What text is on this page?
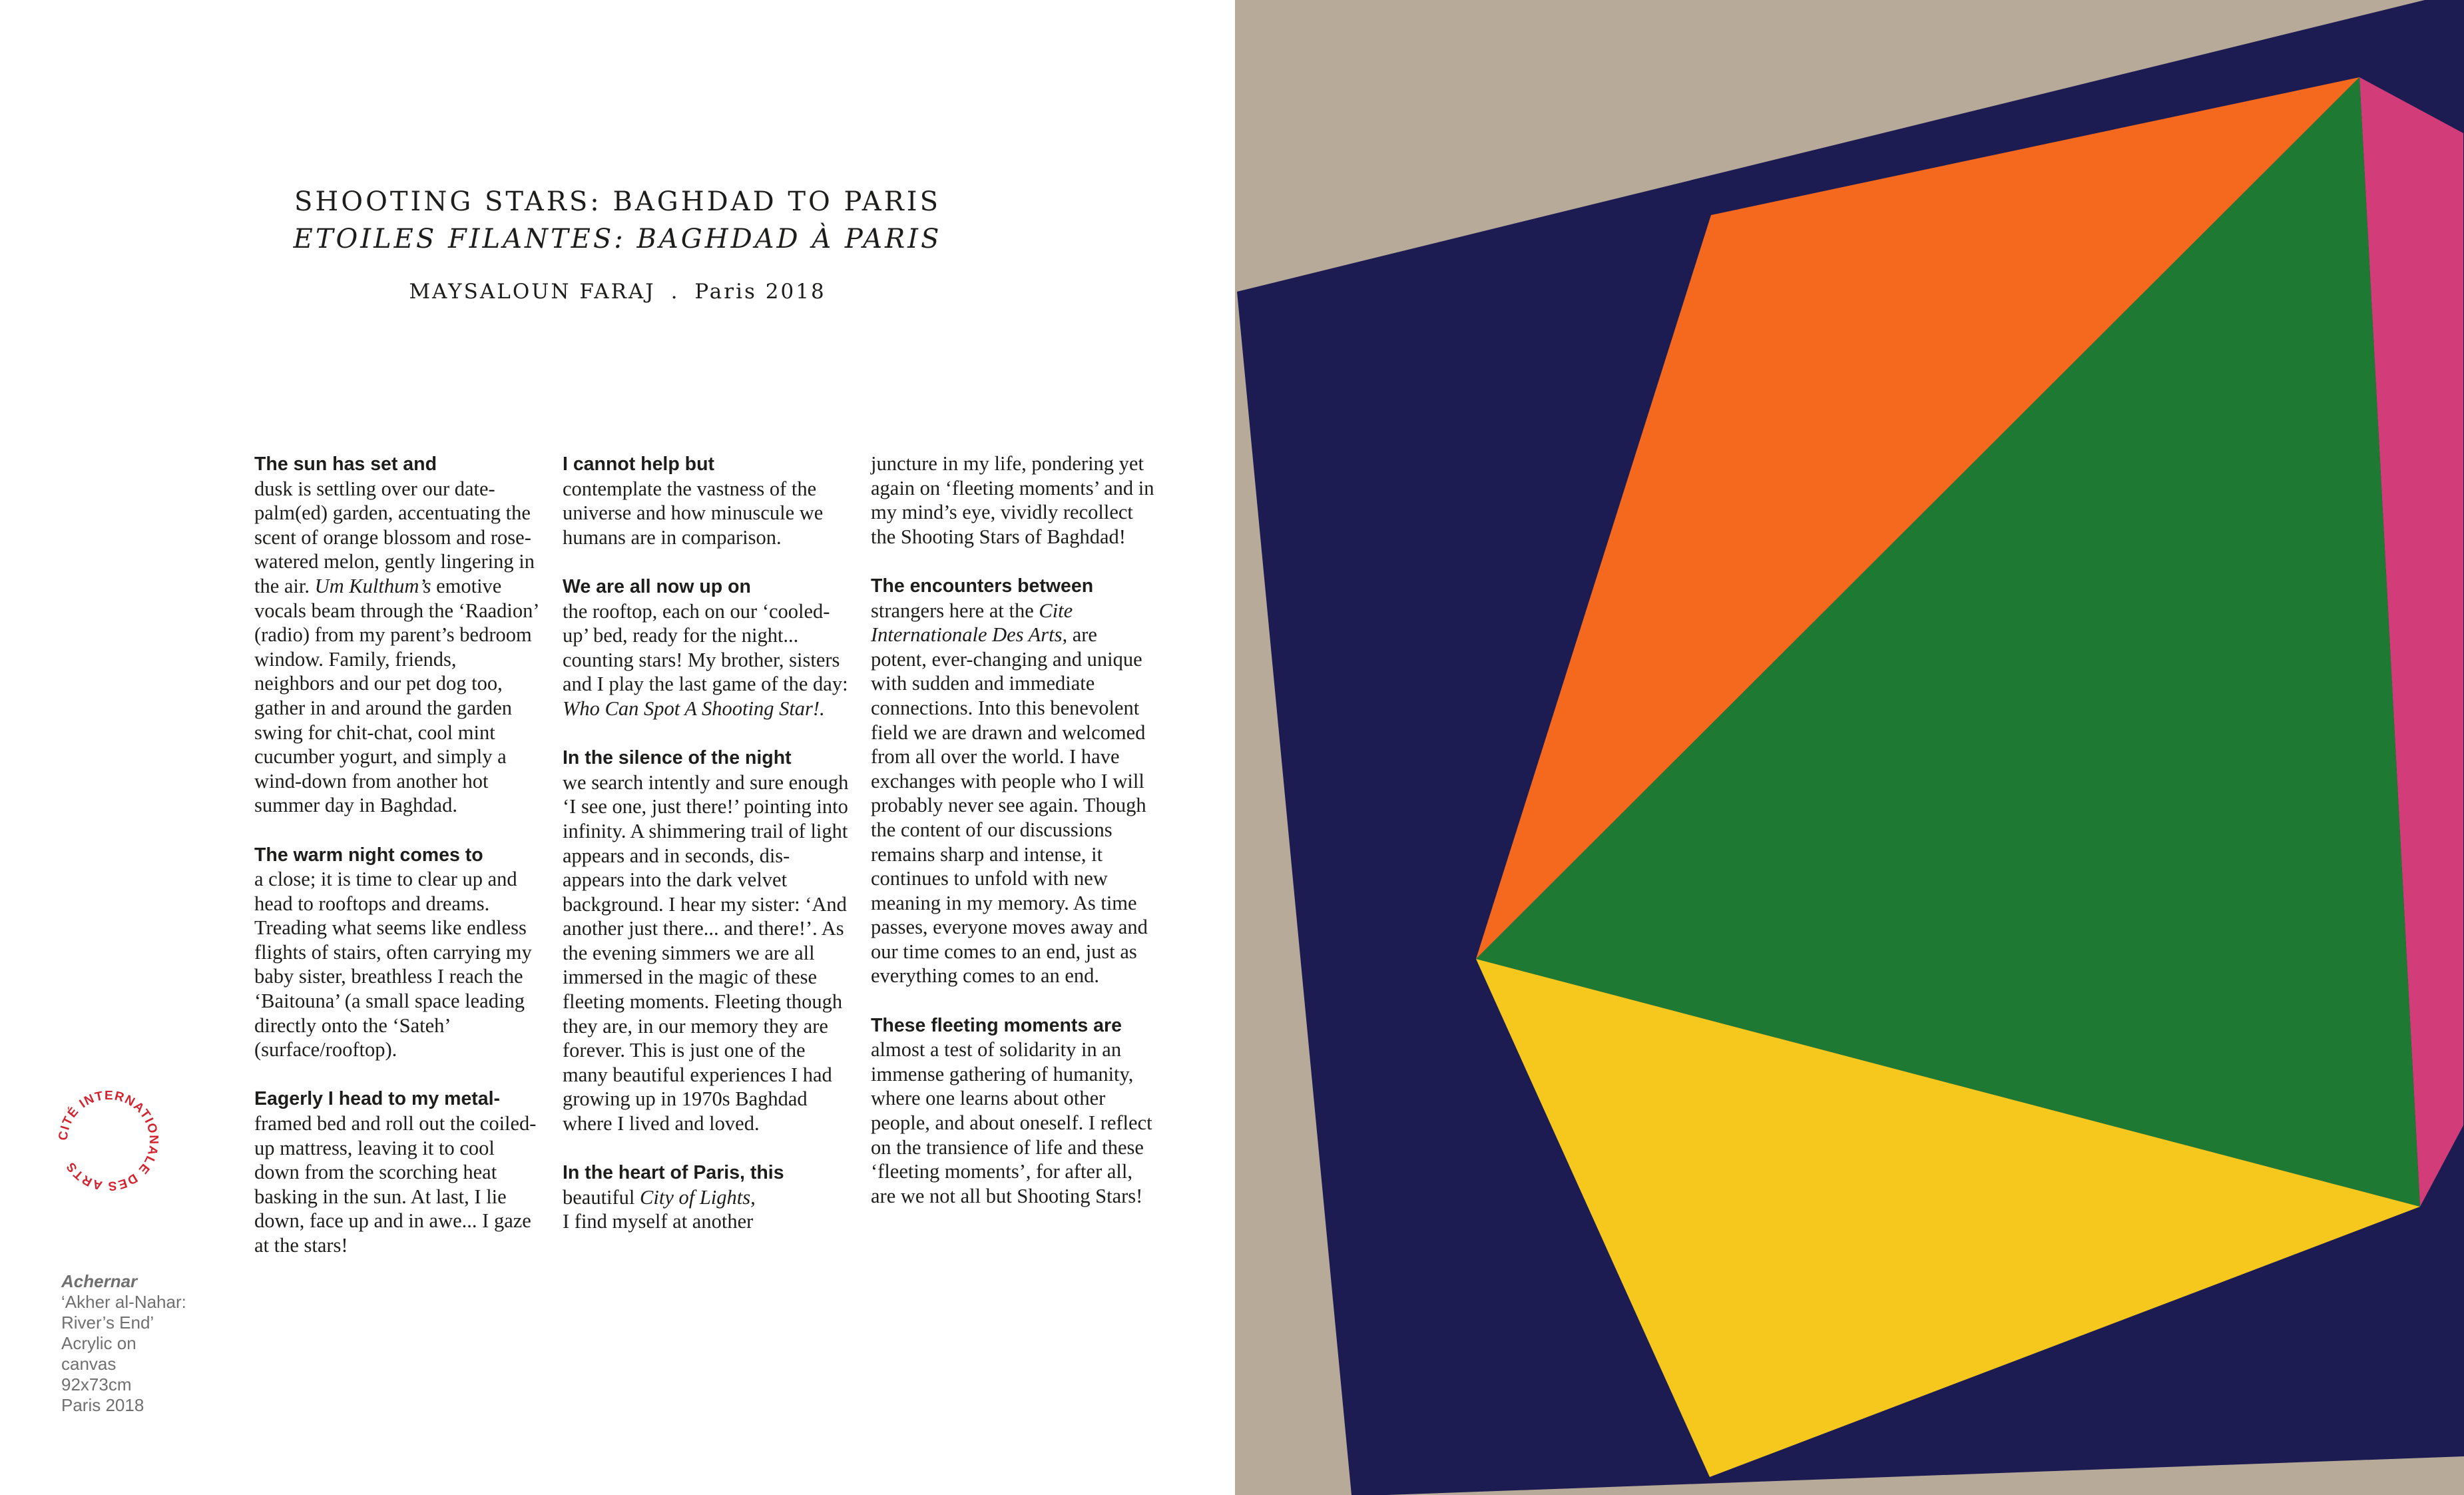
SHOOTING STARS: BAGHDAD TO PARIS
ETOILES FILANTES: BAGHDAD À PARIS
MAYSALOUN FARAJ . Paris 2018

The sun has set and
dusk is settling over our date-palm(ed) garden, accentuating the scent of orange blossom and rose-watered melon, gently lingering in the air. Um Kulthum’s emotive vocals beam through the ‘Raadion’ (radio) from my parent’s bedroom window. Family, friends, neighbors and our pet dog too, gather in and around the garden swing for chit-chat, cool mint cucumber yogurt, and simply a wind-down from another hot summer day in Baghdad.

The warm night comes to
a close; it is time to clear up and head to rooftops and dreams. Treading what seems like endless flights of stairs, often carrying my baby sister, breathless I reach the ‘Baitouna’ (a small space leading directly onto the ‘Sateh’ (surface/rooftop).

Eagerly I head to my metal-
framed bed and roll out the coiled-up mattress, leaving it to cool down from the scorching heat basking in the sun. At last, I lie down, face up and in awe... I gaze at the stars!

I cannot help but
contemplate the vastness of the universe and how minuscule we humans are in comparison.

We are all now up on
the rooftop, each on our ‘cooled-up’ bed, ready for the night... counting stars! My brother, sisters and I play the last game of the day: Who Can Spot A Shooting Star!.

In the silence of the night
we search intently and sure enough ‘I see one, just there!’ pointing into infinity. A shimmering trail of light appears and in seconds, dis-appears into the dark velvet background. I hear my sister: ‘And another just there... and there!’. As the evening simmers we are all immersed in the magic of these fleeting moments. Fleeting though they are, in our memory they are forever. This is just one of the many beautiful experiences I had growing up in 1970s Baghdad where I lived and loved.

In the heart of Paris, this
beautiful City of Lights,
I find myself at another

juncture in my life, pondering yet again on ‘fleeting moments’ and in my mind’s eye, vividly recollect the Shooting Stars of Baghdad!

The encounters between
strangers here at the Cite Internationale Des Arts, are potent, ever-changing and unique with sudden and immediate connections. Into this benevolent field we are drawn and welcomed from all over the world. I have exchanges with people who I will probably never see again. Though the content of our discussions remains sharp and intense, it continues to unfold with new meaning in my memory. As time passes, everyone moves away and our time comes to an end, just as everything comes to an end.

These fleeting moments are
almost a test of solidarity in an immense gathering of humanity, where one learns about other people, and about oneself. I reflect on the transience of life and these ‘fleeting moments’, for after all, are we not all but Shooting Stars!

CITÉ INTERNATIONALE DES ARTS
Achernar
‘Akher al-Nahar:
River’s End’
Acrylic on canvas
92x73cm
Paris 2018
